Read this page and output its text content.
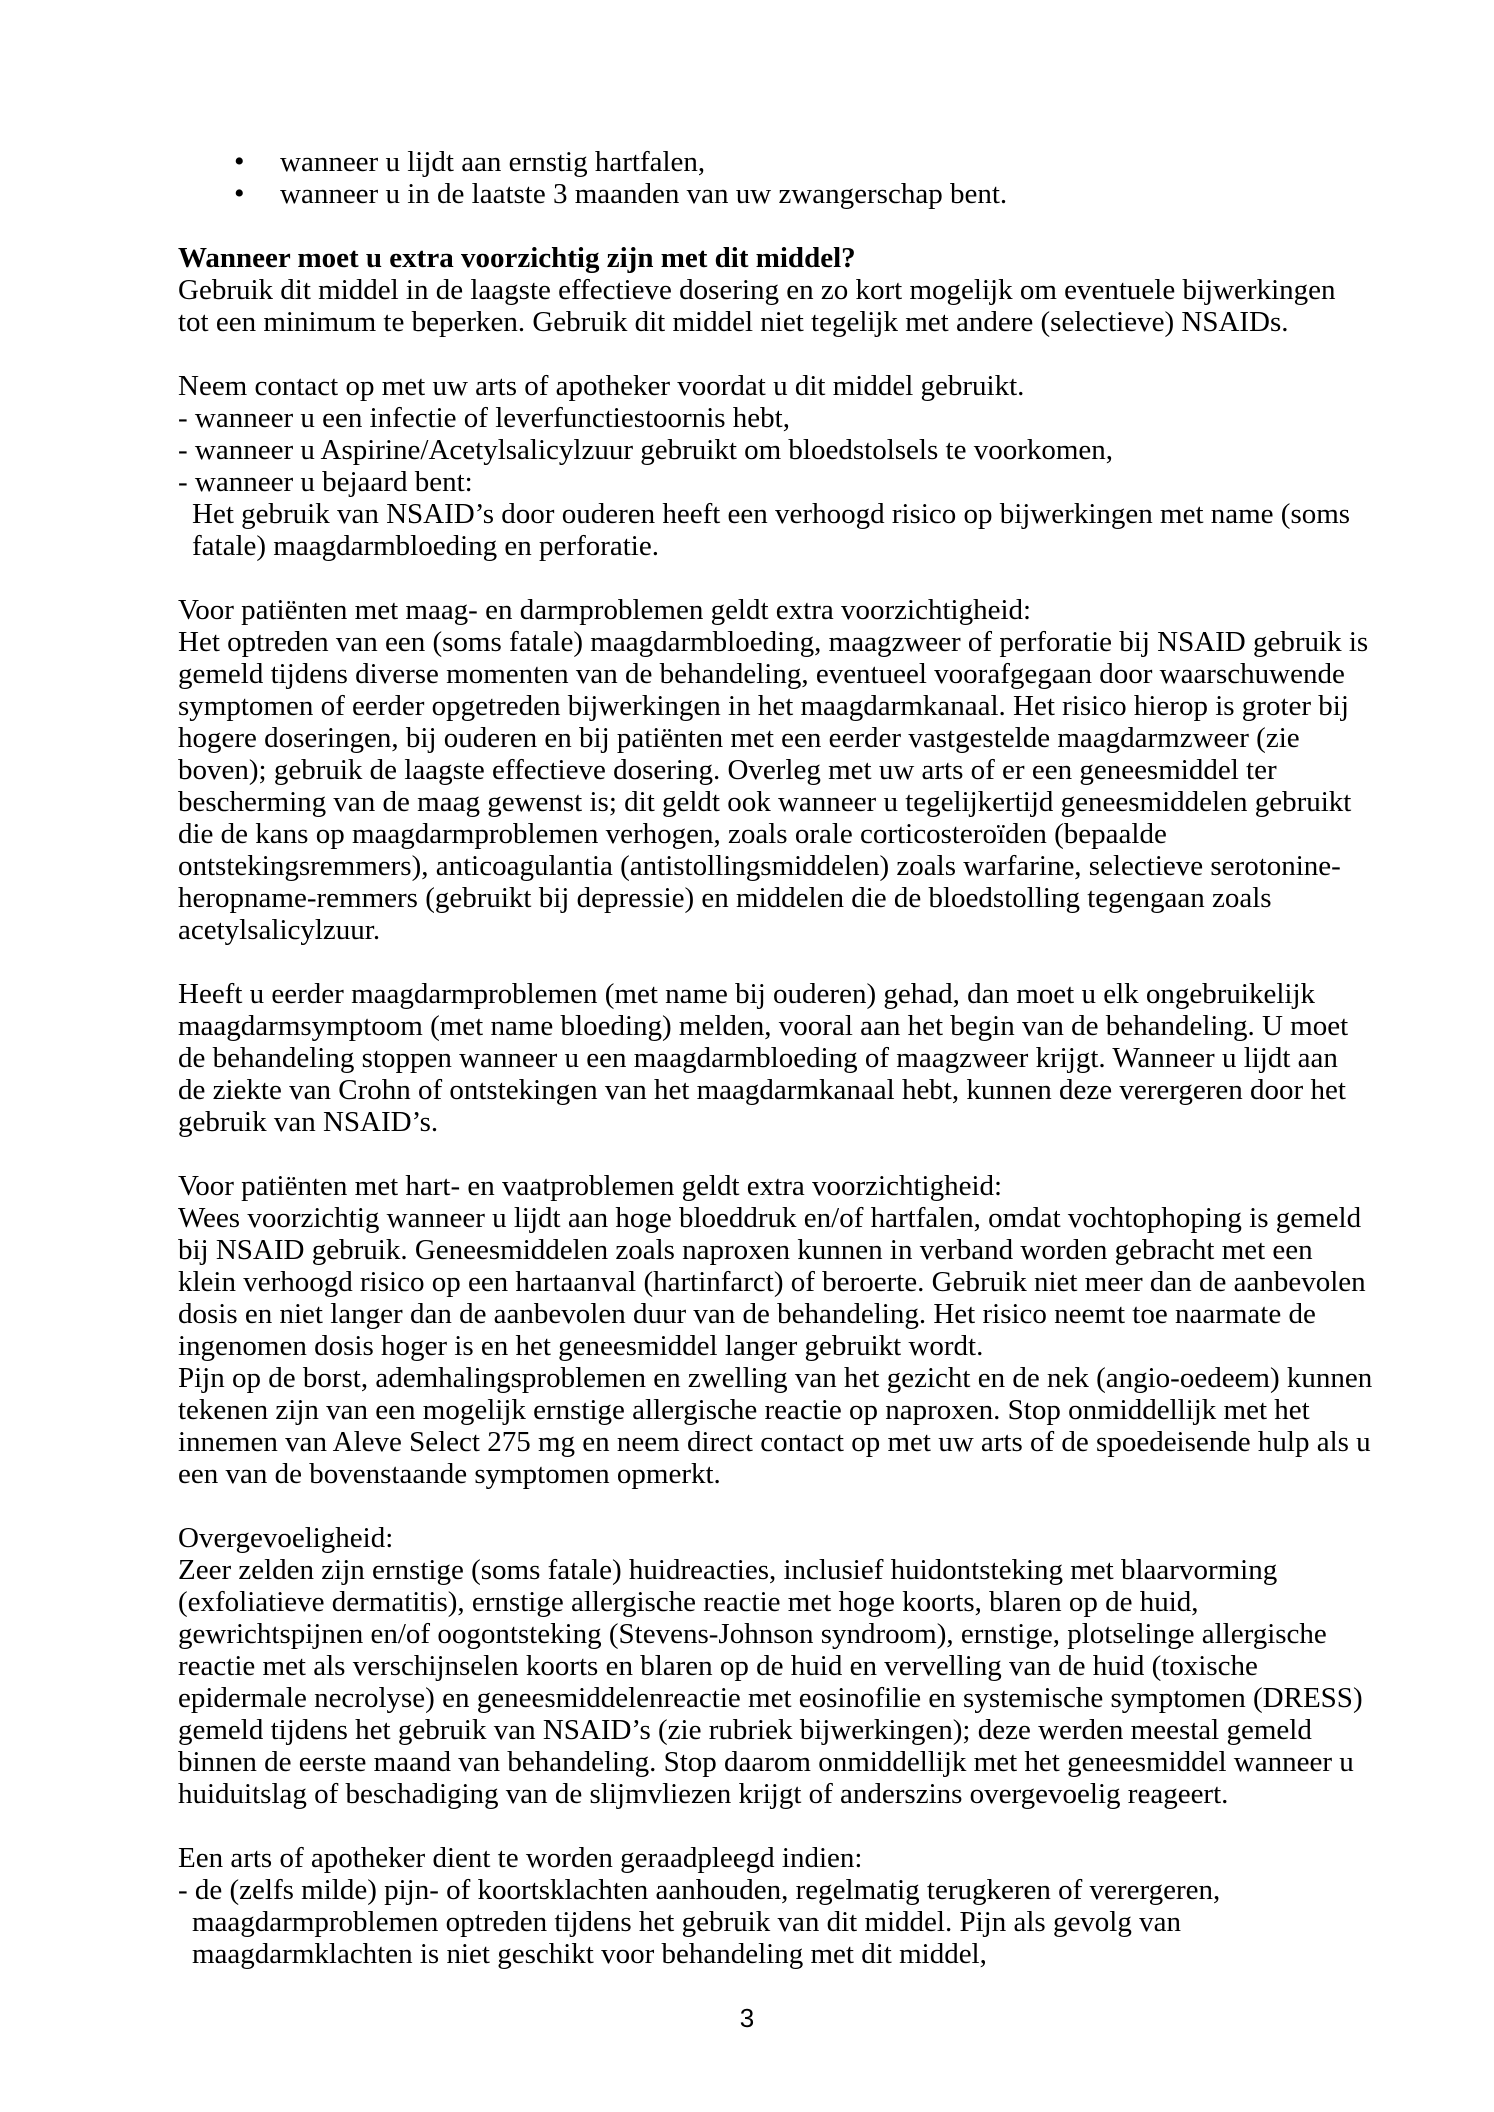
• wanneer u lijdt aan ernstig hartfalen,
• wanneer u in de laatste 3 maanden van uw zwangerschap bent.

Wanneer moet u extra voorzichtig zijn met dit middel?
Gebruik dit middel in de laagste effectieve dosering en zo kort mogelijk om eventuele bijwerkingen
tot een minimum te beperken. Gebruik dit middel niet tegelijk met andere (selectieve) NSAIDs.

Neem contact op met uw arts of apotheker voordat u dit middel gebruikt.
- wanneer u een infectie of leverfunctiestoornis hebt,
- wanneer u Aspirine/Acetylsalicylzuur gebruikt om bloedstolsels te voorkomen,
- wanneer u bejaard bent:
Het gebruik van NSAID’s door ouderen heeft een verhoogd risico op bijwerkingen met name (soms
fatale) maagdarmbloeding en perforatie.

Voor patiënten met maag- en darmproblemen geldt extra voorzichtigheid:
Het optreden van een (soms fatale) maagdarmbloeding, maagzweer of perforatie bij NSAID gebruik is
gemeld tijdens diverse momenten van de behandeling, eventueel voorafgegaan door waarschuwende
symptomen of eerder opgetreden bijwerkingen in het maagdarmkanaal. Het risico hierop is groter bij
hogere doseringen, bij ouderen en bij patiënten met een eerder vastgestelde maagdarmzweer (zie
boven); gebruik de laagste effectieve dosering. Overleg met uw arts of er een geneesmiddel ter
bescherming van de maag gewenst is; dit geldt ook wanneer u tegelijkertijd geneesmiddelen gebruikt
die de kans op maagdarmproblemen verhogen, zoals orale corticosteroïden (bepaalde
ontstekingsremmers), anticoagulantia (antistollingsmiddelen) zoals warfarine, selectieve serotonine-
heropname-remmers (gebruikt bij depressie) en middelen die de bloedstolling tegengaan zoals
acetylsalicylzuur.

Heeft u eerder maagdarmproblemen (met name bij ouderen) gehad, dan moet u elk ongebruikelijk
maagdarmsymptoom (met name bloeding) melden, vooral aan het begin van de behandeling. U moet
de behandeling stoppen wanneer u een maagdarmbloeding of maagzweer krijgt. Wanneer u lijdt aan
de ziekte van Crohn of ontstekingen van het maagdarmkanaal hebt, kunnen deze verergeren door het
gebruik van NSAID’s.

Voor patiënten met hart- en vaatproblemen geldt extra voorzichtigheid:
Wees voorzichtig wanneer u lijdt aan hoge bloeddruk en/of hartfalen, omdat vochtophoping is gemeld
bij NSAID gebruik. Geneesmiddelen zoals naproxen kunnen in verband worden gebracht met een
klein verhoogd risico op een hartaanval (hartinfarct) of beroerte. Gebruik niet meer dan de aanbevolen
dosis en niet langer dan de aanbevolen duur van de behandeling. Het risico neemt toe naarmate de
ingenomen dosis hoger is en het geneesmiddel langer gebruikt wordt.
Pijn op de borst, ademhalingsproblemen en zwelling van het gezicht en de nek (angio-oedeem) kunnen
tekenen zijn van een mogelijk ernstige allergische reactie op naproxen. Stop onmiddellijk met het
innemen van Aleve Select 275 mg en neem direct contact op met uw arts of de spoedeisende hulp als u
een van de bovenstaande symptomen opmerkt.

Overgevoeligheid:
Zeer zelden zijn ernstige (soms fatale) huidreacties, inclusief huidontsteking met blaarvorming
(exfoliatieve dermatitis), ernstige allergische reactie met hoge koorts, blaren op de huid,
gewrichtspijnen en/of oogontsteking (Stevens-Johnson syndroom), ernstige, plotselinge allergische
reactie met als verschijnselen koorts en blaren op de huid en vervelling van de huid (toxische
epidermale necrolyse) en geneesmiddelenreactie met eosinofilie en systemische symptomen (DRESS)
gemeld tijdens het gebruik van NSAID’s (zie rubriek bijwerkingen); deze werden meestal gemeld
binnen de eerste maand van behandeling. Stop daarom onmiddellijk met het geneesmiddel wanneer u
huiduitslag of beschadiging van de slijmvliezen krijgt of anderszins overgevoelig reageert.

Een arts of apotheker dient te worden geraadpleegd indien:
- de (zelfs milde) pijn- of koortsklachten aanhouden, regelmatig terugkeren of verergeren,
maagdarmproblemen optreden tijdens het gebruik van dit middel. Pijn als gevolg van
maagdarmklachten is niet geschikt voor behandeling met dit middel,
3
